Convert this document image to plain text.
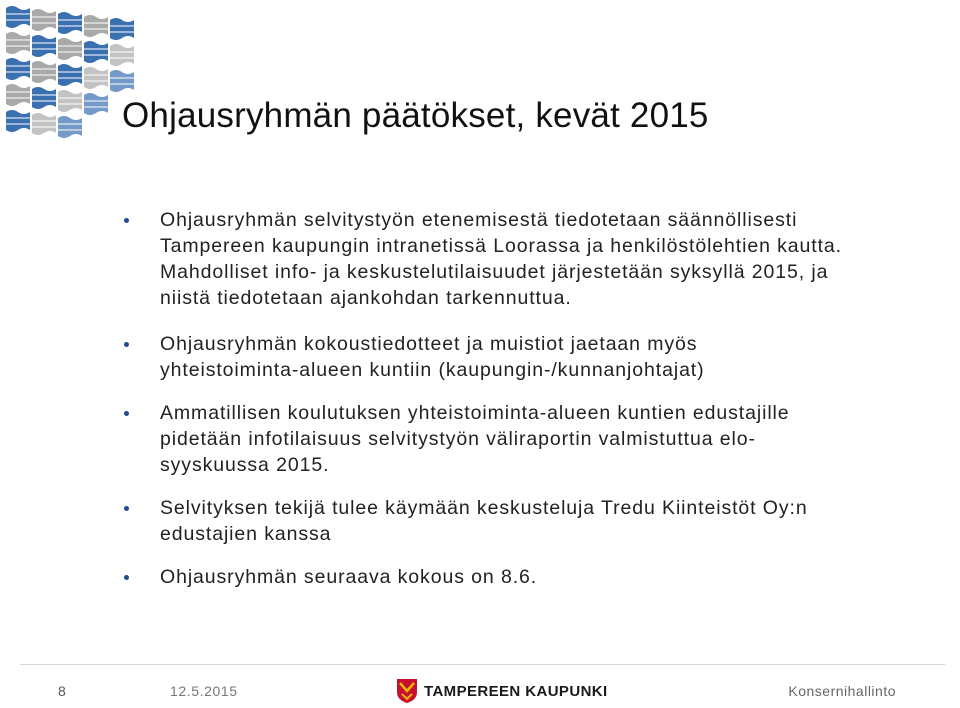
Ohjausryhmän päätökset, kevät 2015
Ohjausryhmän selvitystyön etenemisestä tiedotetaan säännöllisesti
Tampereen kaupungin intranetissä Loorassa ja henkilöstölehtien kautta.
Mahdolliset info- ja keskustelutilaisuudet järjestetään syksyllä 2015, ja
niistä tiedotetaan ajankohdan tarkennuttua.
Ohjausryhmän kokoustiedotteet ja muistiot jaetaan myös
yhteistoiminta-alueen kuntiin (kaupungin-/kunnanjohtajat)
Ammatillisen koulutuksen yhteistoiminta-alueen kuntien edustajille
pidetään infotilaisuus selvitystyön väliraportin valmistuttua elo-
syyskuussa 2015.
Selvityksen tekijä tulee käymään keskusteluja Tredu Kiinteistöt Oy:n
edustajien kanssa
Ohjausryhmän seuraava kokous on 8.6.
8	12.5.2015	TAMPEREEN KAUPUNKI	Konsernihallinto
